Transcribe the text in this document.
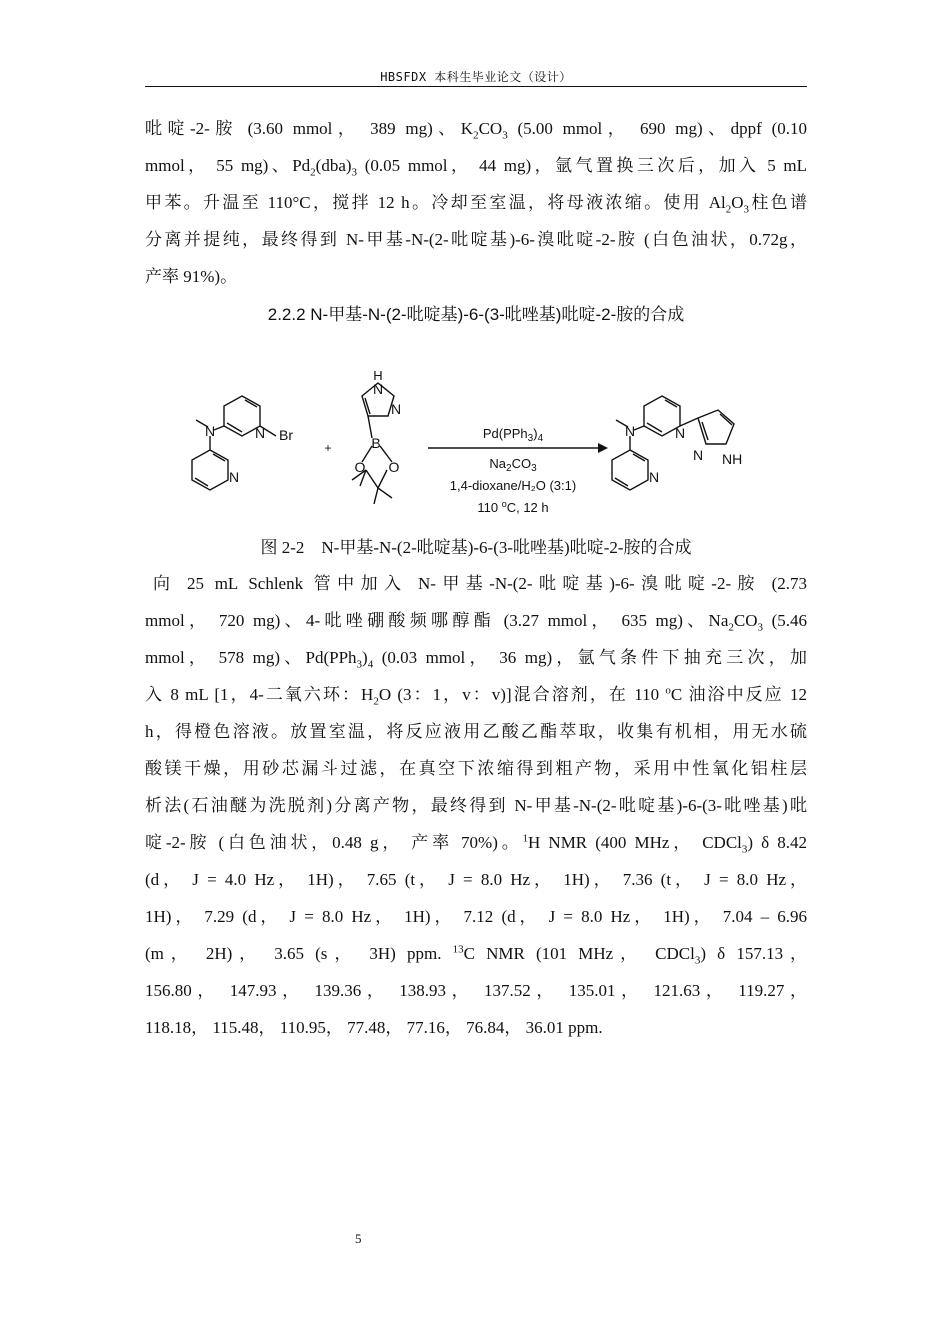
HBSFDX 本科生毕业论文（设计）
吡啶-2-胺 (3.60 mmol， 389 mg)、$K_2CO_3$ (5.00 mmol， 690 mg)、dppf (0.10
mmol， 55 mg)、$Pd_2(dba)_3$ (0.05 mmol， 44 mg)，氩气置换三次后，加入 5 mL
甲苯。升温至 110°C，搅拌 12 h。冷却至室温，将母液浓缩。使用 $Al_2O_3$柱色谱
分离并提纯，最终得到 N-甲基-N-(2-吡啶基)-6-溴吡啶-2-胺 (白色油状，0.72g，
产率 91%)。
2.2.2 N-甲基-N-(2-吡啶基)-6-(3-吡唑基)吡啶-2-胺的合成
N
N
N
Br
+
H
N
N
B
O O
N
N
N
N NH
$Pd(PPh_3)_4$
$Na_2CO_3$
1,4-dioxane/H₂O (3:1)
110 $^o$C, 12 h
图 2-2　N-甲基-N-(2-吡啶基)-6-(3-吡唑基)吡啶-2-胺的合成
向 25 mL Schlenk 管中加入 N-甲基-N-(2-吡啶基)-6-溴吡啶-2-胺 (2.73
mmol， 720 mg)、4-吡唑硼酸频哪醇酯 (3.27 mmol， 635 mg)、$Na_2CO_3$ (5.46
mmol， 578 mg)、$Pd(PPh_3)_4$ (0.03 mmol， 36 mg)，氩气条件下抽充三次，加
入 8 mL [1，4-二氧六环：$H_2O$ (3：1，v：v)]混合溶剂，在 110 $^o$C 油浴中反应 12
h，得橙色溶液。放置室温，将反应液用乙酸乙酯萃取，收集有机相，用无水硫
酸镁干燥，用砂芯漏斗过滤，在真空下浓缩得到粗产物，采用中性氧化铝柱层
析法(石油醚为洗脱剂)分离产物，最终得到 N-甲基-N-(2-吡啶基)-6-(3-吡唑基)吡
啶-2-胺 (白色油状，0.48 g， 产率 70%)。$^1$H NMR (400 MHz， CDCl$_3$) δ 8.42
(d， J = 4.0 Hz， 1H)， 7.65 (t， J = 8.0 Hz， 1H)， 7.36 (t， J = 8.0 Hz，
1H)， 7.29 (d， J = 8.0 Hz， 1H)， 7.12 (d， J = 8.0 Hz， 1H)， 7.04 – 6.96
(m， 2H)， 3.65 (s， 3H) ppm. $^{13}$C NMR (101 MHz， CDCl$_3$) δ 157.13，
156.80， 147.93， 139.36， 138.93， 137.52， 135.01， 121.63， 119.27，
118.18， 115.48， 110.95， 77.48， 77.16， 76.84， 36.01 ppm.
5
